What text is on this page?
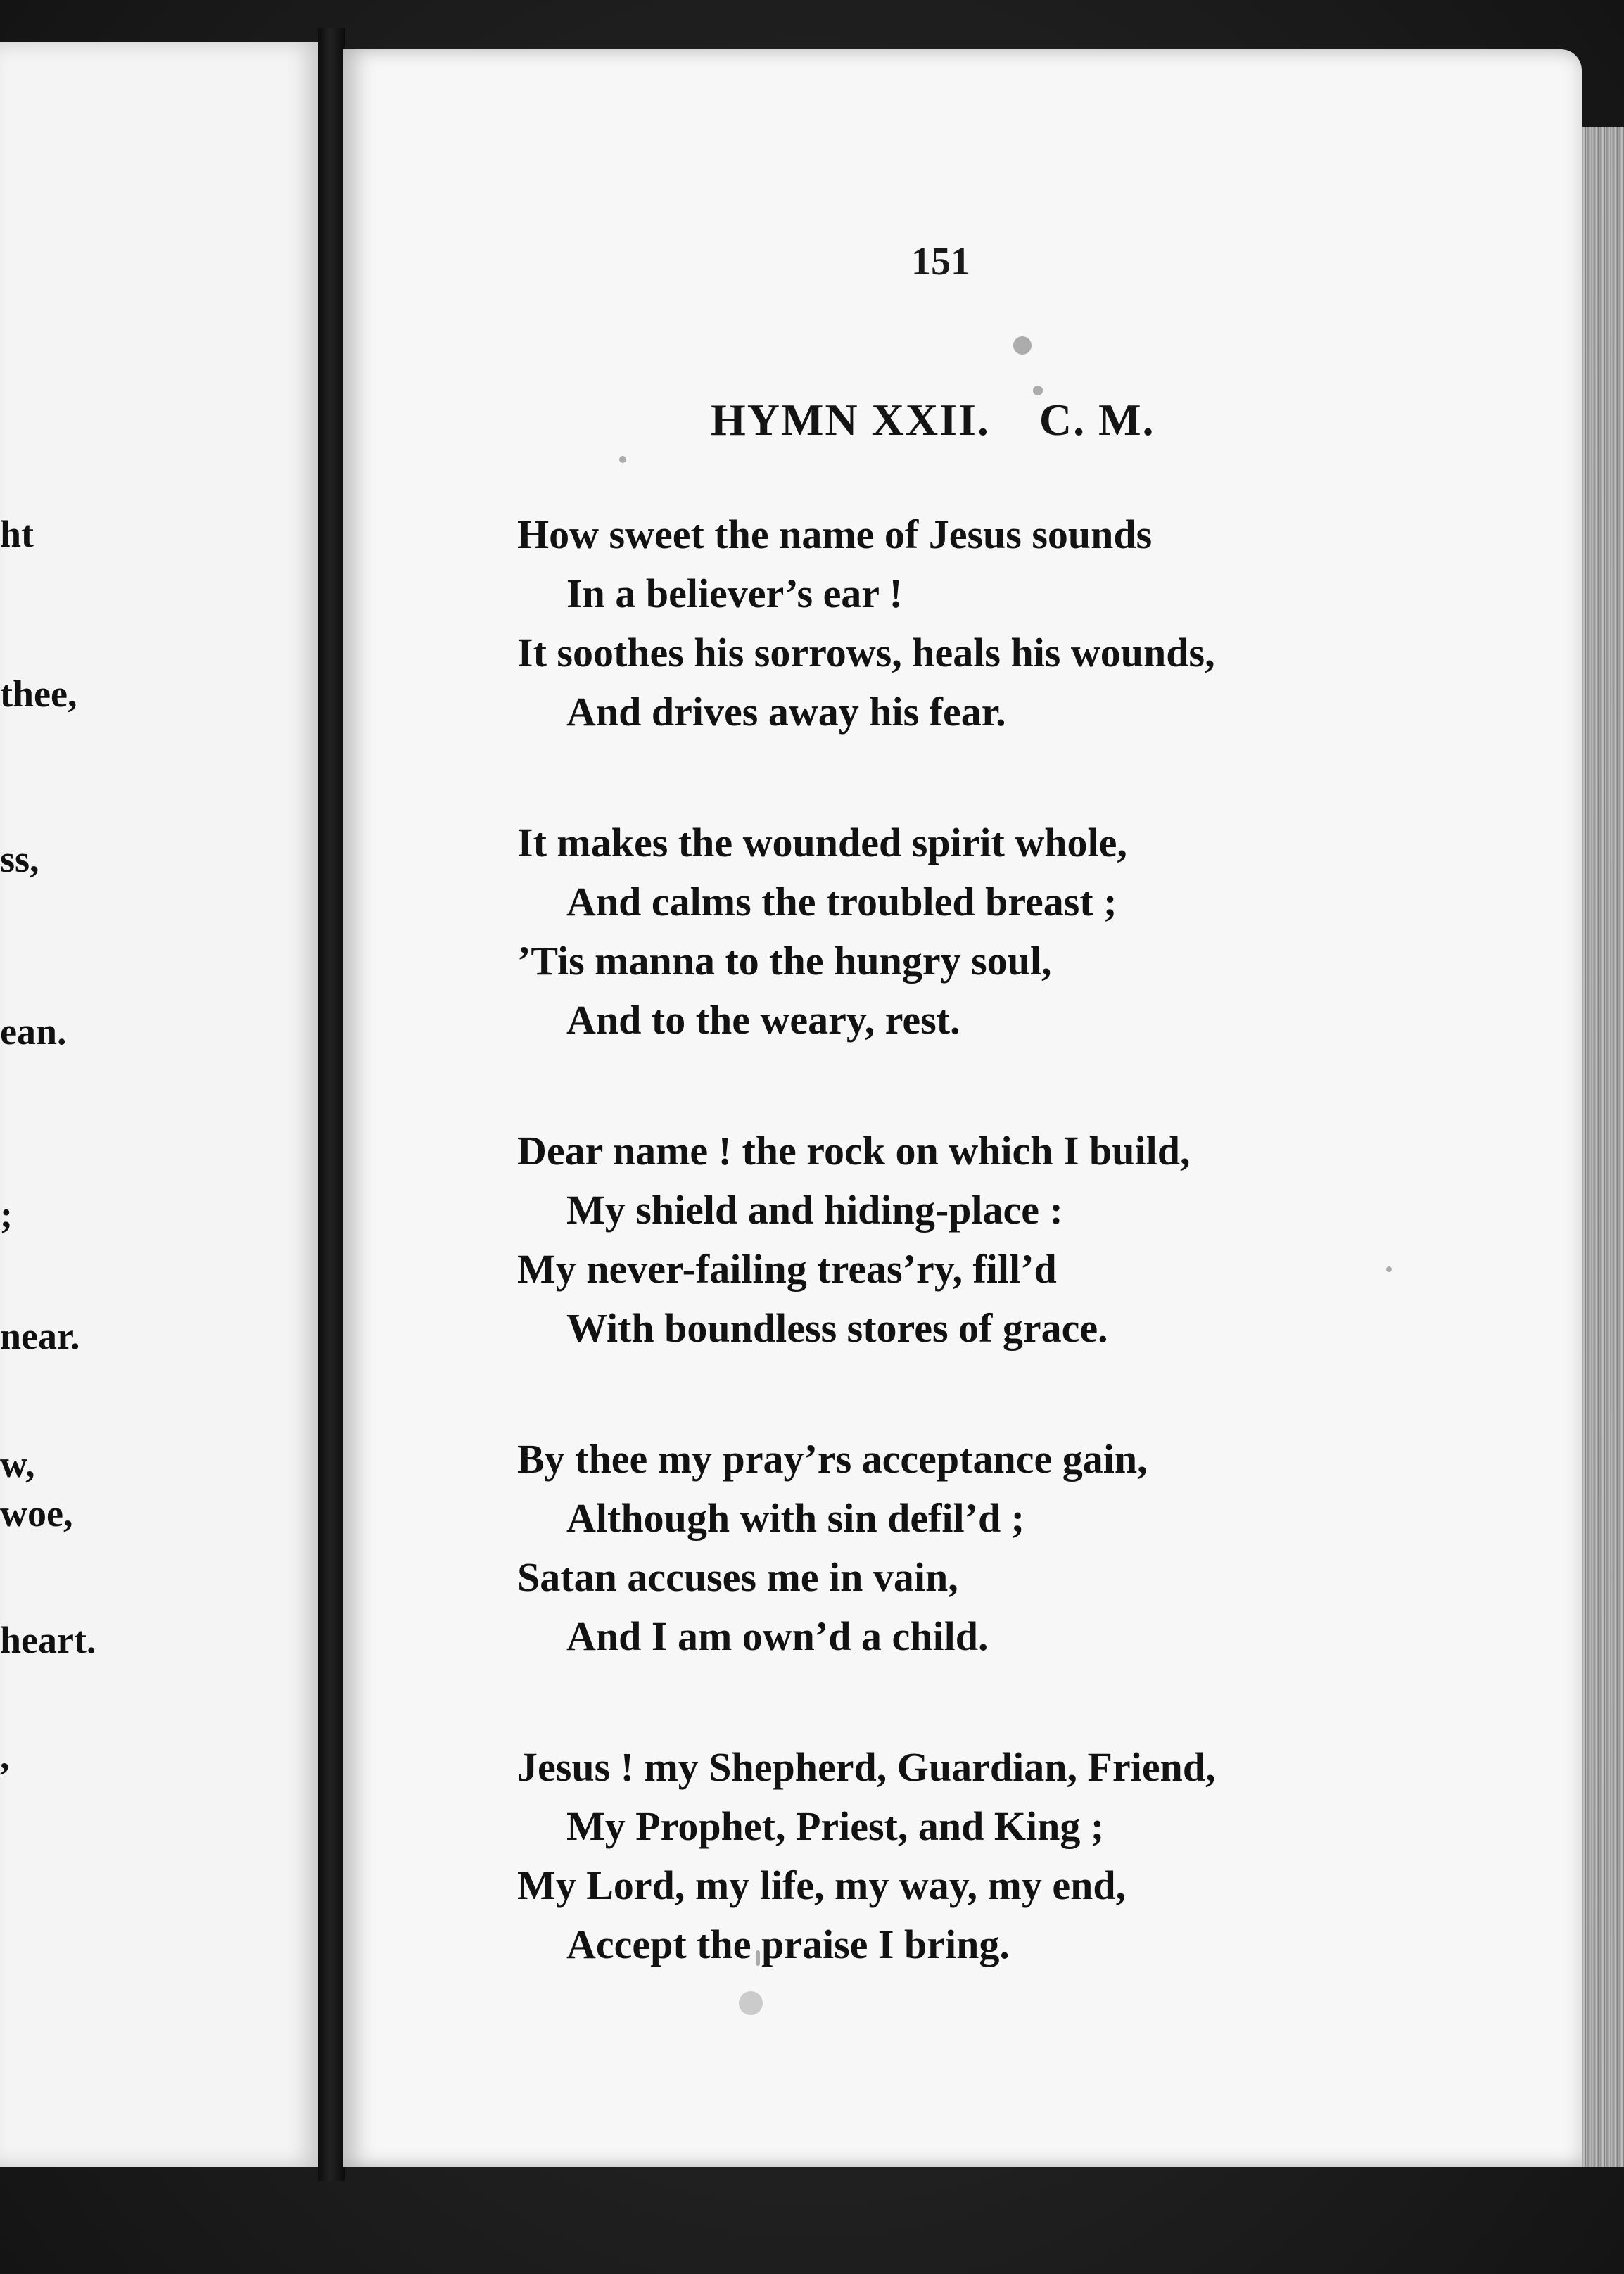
ht
thee,
ss,
ean.
;
near.
w,
woe,
heart.
,
151
HYMN XXII. C. M.
How sweet the name of Jesus sounds
In a believer’s ear !
It soothes his sorrows, heals his wounds,
And drives away his fear.
It makes the wounded spirit whole,
And calms the troubled breast ;
’Tis manna to the hungry soul,
And to the weary, rest.
Dear name ! the rock on which I build,
My shield and hiding-place :
My never-failing treas’ry, fill’d
With boundless stores of grace.
By thee my pray’rs acceptance gain,
Although with sin defil’d ;
Satan accuses me in vain,
And I am own’d a child.
Jesus ! my Shepherd, Guardian, Friend,
My Prophet, Priest, and King ;
My Lord, my life, my way, my end,
Accept the praise I bring.
